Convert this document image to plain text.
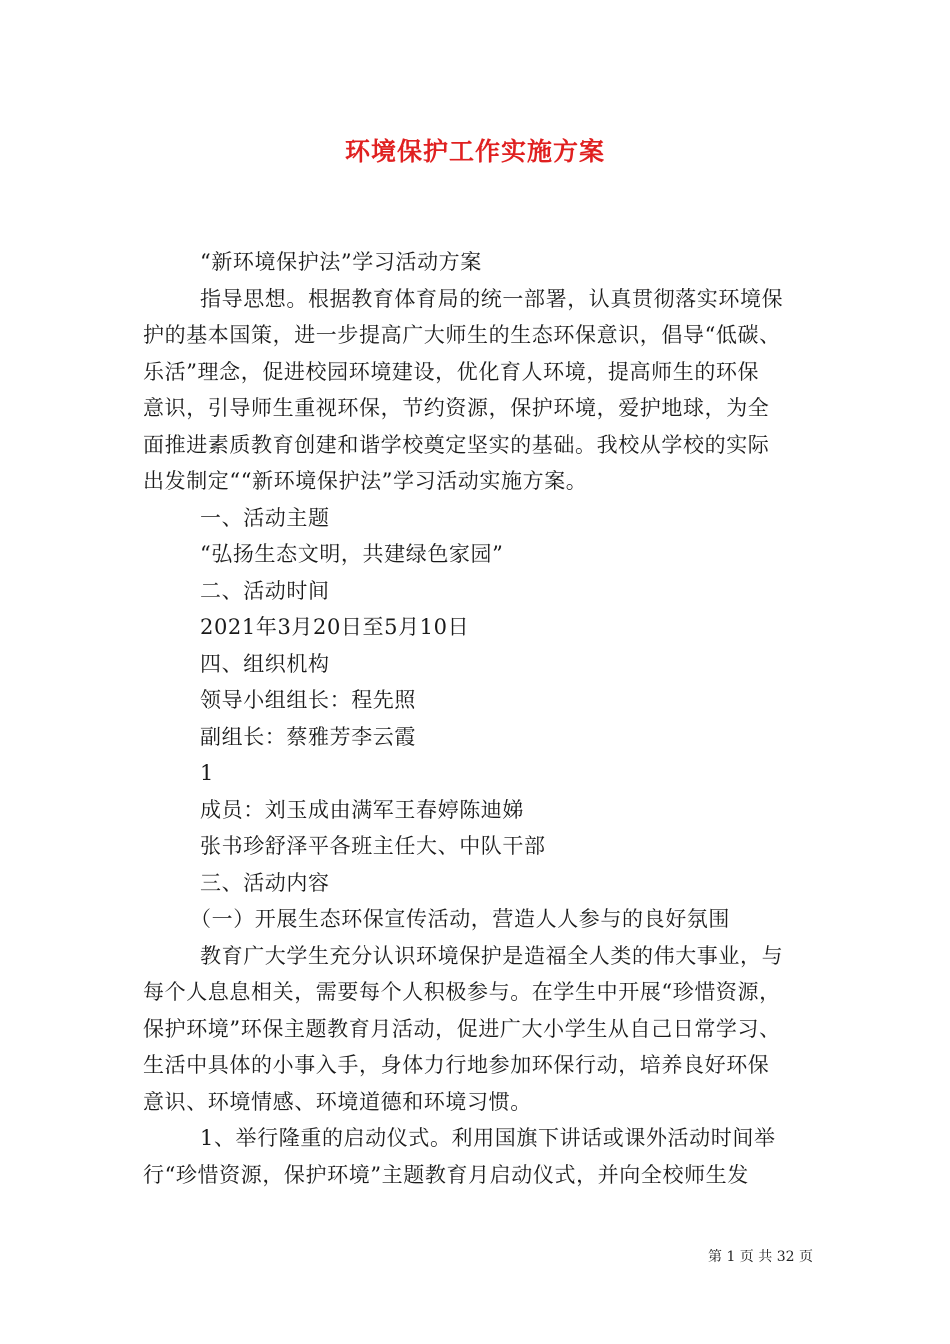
环境保护工作实施方案
“新环境保护法”学习活动方案
指导思想。根据教育体育局的统一部署，认真贯彻落实环境保
护的基本国策，进一步提高广大师生的生态环保意识，倡导“低碳、
乐活”理念，促进校园环境建设，优化育人环境，提高师生的环保
意识，引导师生重视环保，节约资源，保护环境，爱护地球，为全
面推进素质教育创建和谐学校奠定坚实的基础。我校从学校的实际
出发制定““新环境保护法”学习活动实施方案。
一、活动主题
“弘扬生态文明，共建绿色家园”
二、活动时间
2021年3月20日至5月10日
四、组织机构
领导小组组长：程先照
副组长：蔡雅芳李云霞
1
成员：刘玉成由满军王春婷陈迪娣
张书珍舒泽平各班主任大、中队干部
三、活动内容
（一）开展生态环保宣传活动，营造人人参与的良好氛围
教育广大学生充分认识环境保护是造福全人类的伟大事业，与
每个人息息相关，需要每个人积极参与。在学生中开展“珍惜资源，
保护环境”环保主题教育月活动，促进广大小学生从自己日常学习、
生活中具体的小事入手，身体力行地参加环保行动，培养良好环保
意识、环境情感、环境道德和环境习惯。
1、举行隆重的启动仪式。利用国旗下讲话或课外活动时间举
行“珍惜资源，保护环境”主题教育月启动仪式，并向全校师生发
第 1 页 共 32 页
